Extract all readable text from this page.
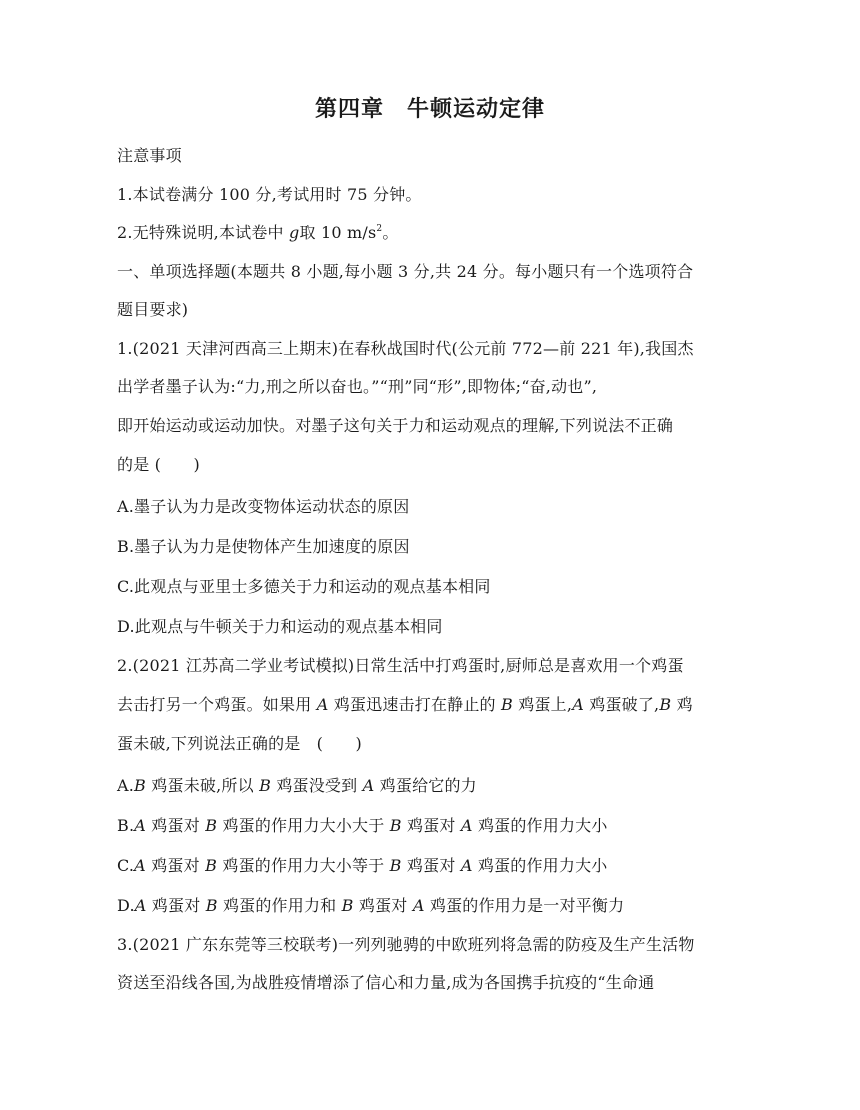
第四章　牛顿运动定律
注意事项
1.本试卷满分 100 分,考试用时 75 分钟。
2.无特殊说明,本试卷中 g取 10 $m/s^2$。
一、单项选择题(本题共 8 小题,每小题 3 分,共 24 分。每小题只有一个选项符合
题目要求)
1.(2021 天津河西高三上期末)在春秋战国时代(公元前 772—前 221 年),我国杰
出学者墨子认为:“力,刑之所以奋也。”“刑”同“形”,即物体;“奋,动也”,
即开始运动或运动加快。对墨子这句关于力和运动观点的理解,下列说法不正确
的是 (　　)
A.墨子认为力是改变物体运动状态的原因
B.墨子认为力是使物体产生加速度的原因
C.此观点与亚里士多德关于力和运动的观点基本相同
D.此观点与牛顿关于力和运动的观点基本相同
2.(2021 江苏高二学业考试模拟)日常生活中打鸡蛋时,厨师总是喜欢用一个鸡蛋
去击打另一个鸡蛋。如果用 A 鸡蛋迅速击打在静止的 B 鸡蛋上,A 鸡蛋破了,B 鸡
蛋未破,下列说法正确的是　(　　)
A.B 鸡蛋未破,所以 B 鸡蛋没受到 A 鸡蛋给它的力
B.A 鸡蛋对 B 鸡蛋的作用力大小大于 B 鸡蛋对 A 鸡蛋的作用力大小
C.A 鸡蛋对 B 鸡蛋的作用力大小等于 B 鸡蛋对 A 鸡蛋的作用力大小
D.A 鸡蛋对 B 鸡蛋的作用力和 B 鸡蛋对 A 鸡蛋的作用力是一对平衡力
3.(2021 广东东莞等三校联考)一列列驰骋的中欧班列将急需的防疫及生产生活物
资送至沿线各国,为战胜疫情增添了信心和力量,成为各国携手抗疫的“生命通
